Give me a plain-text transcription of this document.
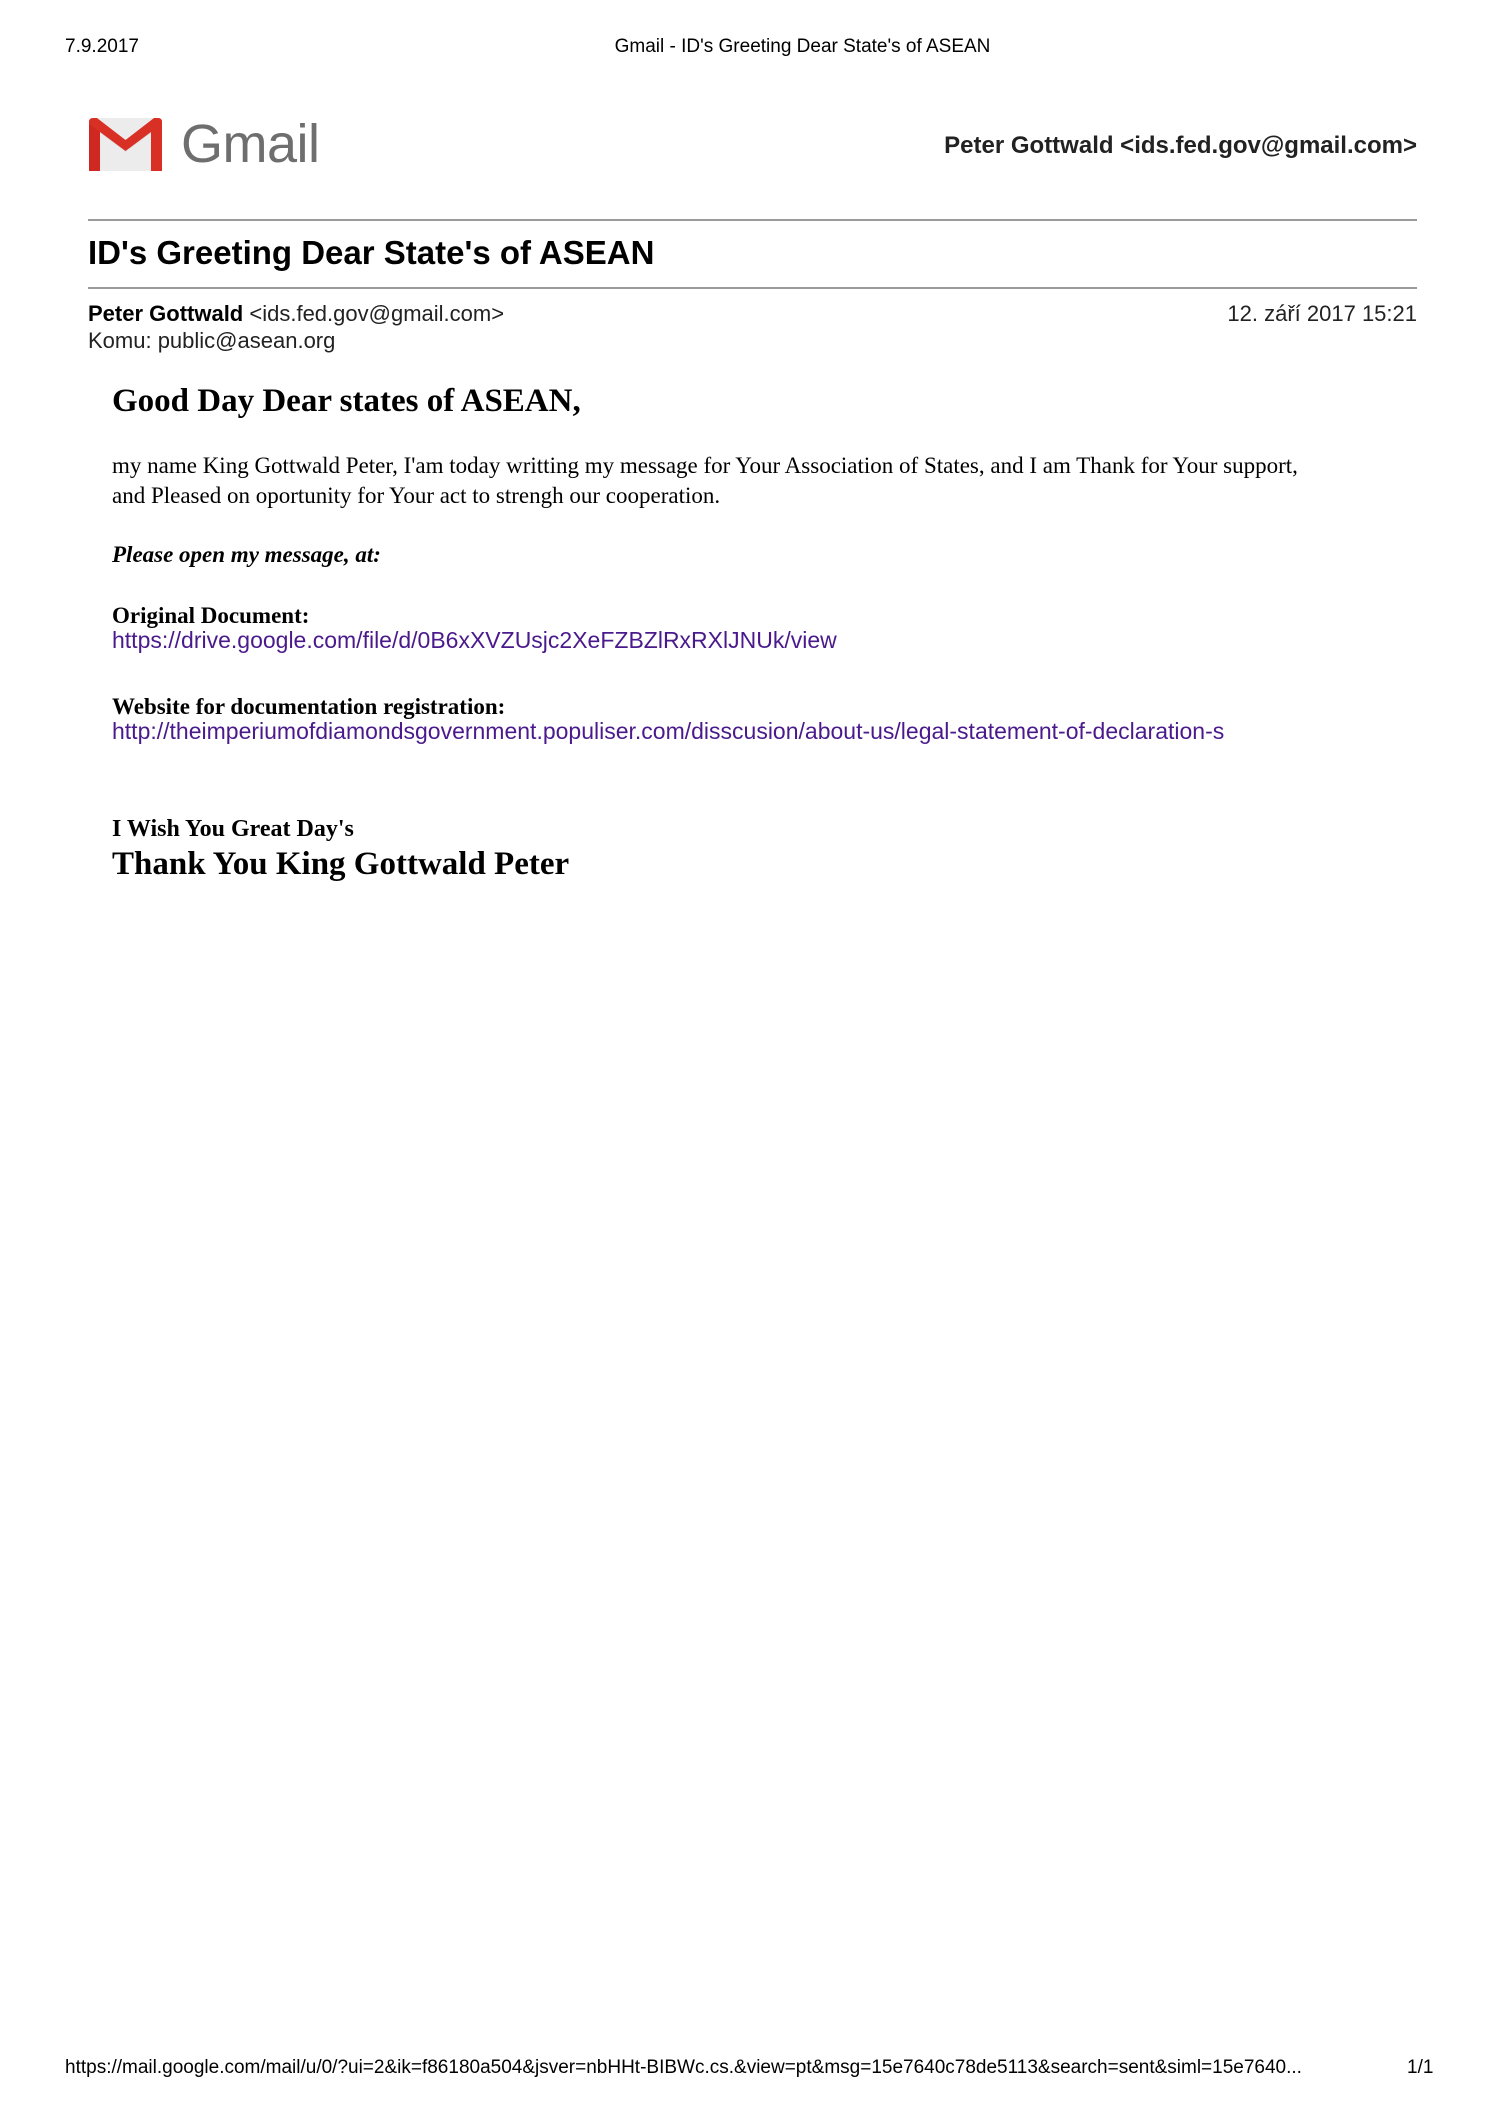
7.9.2017	Gmail - ID's Greeting Dear State's of ASEAN
Gmail	Peter Gottwald <ids.fed.gov@gmail.com>
ID's Greeting Dear State's of ASEAN
Peter Gottwald <ids.fed.gov@gmail.com>
Komu: public@asean.org
12. září 2017 15:21
Good Day Dear states of ASEAN,
my name King Gottwald Peter, I'am today writting my message for Your Association of States, and I am Thank for Your support,
and Pleased on oportunity for Your act to strengh our cooperation.
Please open my message, at:
Original Document:
https://drive.google.com/file/d/0B6xXVZUsjc2XeFZBZlRxRXlJNUk/view
Website for documentation registration:
http://theimperiumofdiamondsgovernment.populiser.com/disscusion/about-us/legal-statement-of-declaration-s
I Wish You Great Day's
Thank You King Gottwald Peter
https://mail.google.com/mail/u/0/?ui=2&ik=f86180a504&jsver=nbHHt-BIBWc.cs.&view=pt&msg=15e7640c78de5113&search=sent&siml=15e7640...	1/1
